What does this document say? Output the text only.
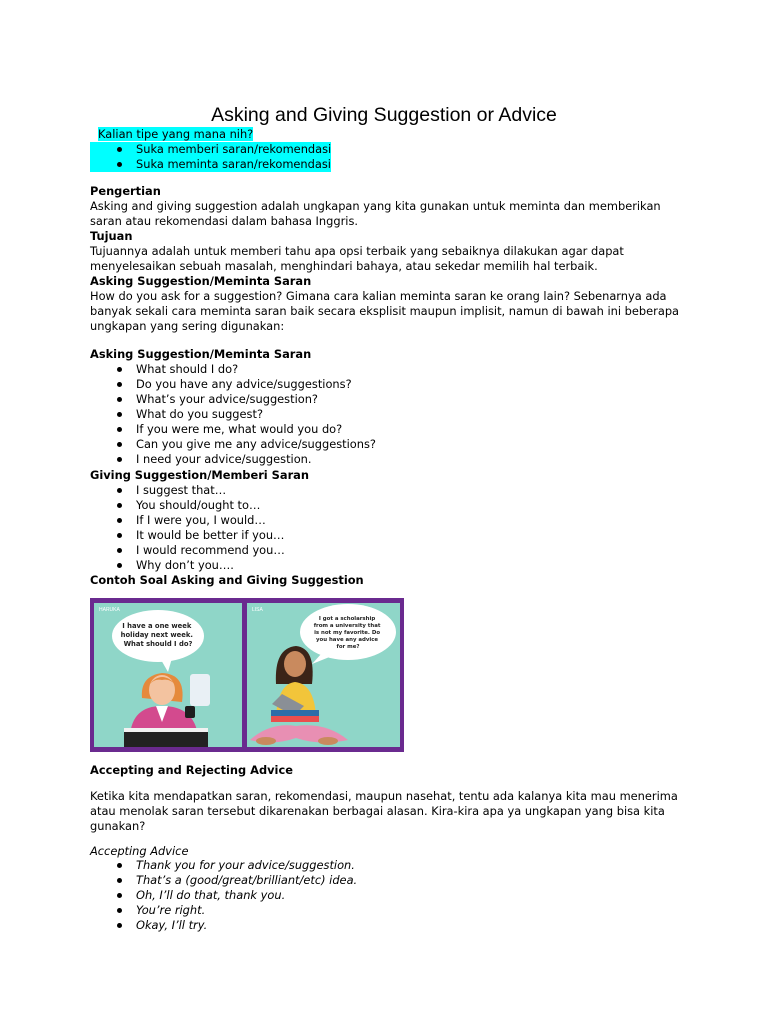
Asking and Giving Suggestion or Advice
Kalian tipe yang mana nih?
Suka memberi saran/rekomendasi
Suka meminta saran/rekomendasi

Pengertian

Asking and giving suggestion adalah ungkapan yang kita gunakan untuk meminta dan memberikan saran atau rekomendasi dalam bahasa Inggris.

Tujuan

Tujuannya adalah untuk memberi tahu apa opsi terbaik yang sebaiknya dilakukan agar dapat menyelesaikan sebuah masalah, menghindari bahaya, atau sekedar memilih hal terbaik.

Asking Suggestion/Meminta Saran

How do you ask for a suggestion? Gimana cara kalian meminta saran ke orang lain? Sebenarnya ada banyak sekali cara meminta saran baik secara eksplisit maupun implisit, namun di bawah ini beberapa ungkapan yang sering digunakan:

Asking Suggestion/Meminta Saran

What should I do?
Do you have any advice/suggestions?
What’s your advice/suggestion?
What do you suggest?
If you were me, what would you do?
Can you give me any advice/suggestions?
I need your advice/suggestion.

Giving Suggestion/Memberi Saran

I suggest that…
You should/ought to…
If I were you, I would…
It would be better if you…
I would recommend you…
Why don’t you….

Contoh Soal Asking and Giving Suggestion

HARUKA
I have a one week holiday next week. What should I do?
LISA
I got a scholarship from a university that is not my favorite. Do you have any advice for me?

Accepting and Rejecting Advice

Ketika kita mendapatkan saran, rekomendasi, maupun nasehat, tentu ada kalanya kita mau menerima atau menolak saran tersebut dikarenakan berbagai alasan. Kira-kira apa ya ungkapan yang bisa kita gunakan?

Accepting Advice

Thank you for your advice/suggestion.
That’s a (good/great/brilliant/etc) idea.
Oh, I’ll do that, thank you.
You’re right.
Okay, I’ll try.
